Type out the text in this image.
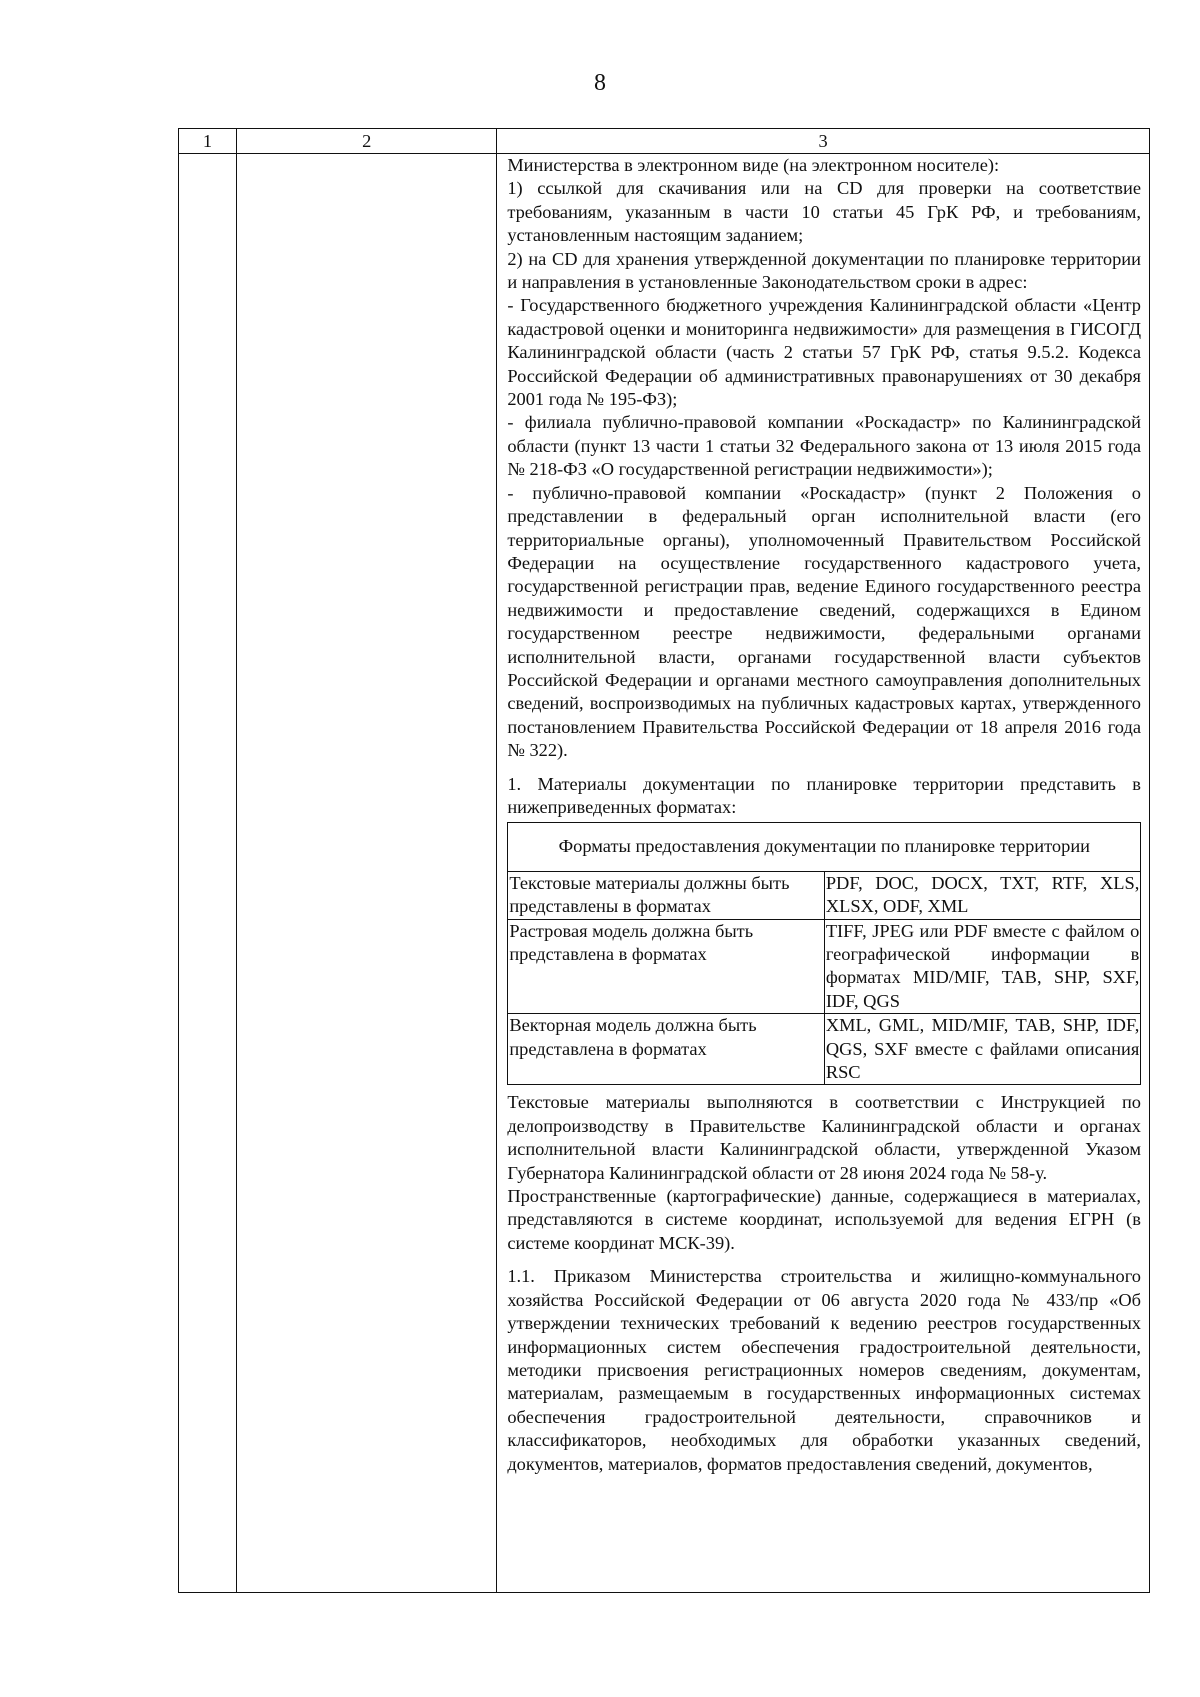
8
1	2	3

Министерства в электронном виде (на электронном носителе):

1) ссылкой для скачивания или на CD для проверки на соответствие требованиям, указанным в части 10 статьи 45 ГрК РФ, и требованиям, установленным настоящим заданием;

2) на CD для хранения утвержденной документации по планировке территории и направления в установленные Законодательством сроки в адрес:

- Государственного бюджетного учреждения Калининградской области «Центр кадастровой оценки и мониторинга недвижимости» для размещения в ГИСОГД Калининградской области (часть 2 статьи 57 ГрК РФ, статья 9.5.2. Кодекса Российской Федерации об административных правонарушениях от 30 декабря 2001 года № 195-ФЗ);

- филиала публично-правовой компании «Роскадастр» по Калининградской области (пункт 13 части 1 статьи 32 Федерального закона от 13 июля 2015 года № 218-ФЗ «О государственной регистрации недвижимости»);

- публично-правовой компании «Роскадастр» (пункт 2 Положения о представлении в федеральный орган исполнительной власти (его территориальные органы), уполномоченный Правительством Российской Федерации на осуществление государственного кадастрового учета, государственной регистрации прав, ведение Единого государственного реестра недвижимости и предоставление сведений, содержащихся в Едином государственном реестре недвижимости, федеральными органами исполнительной власти, органами государственной власти субъектов Российской Федерации и органами местного самоуправления дополнительных сведений, воспроизводимых на публичных кадастровых картах, утвержденного постановлением Правительства Российской Федерации от 18 апреля 2016 года № 322).

1. Материалы документации по планировке территории представить в нижеприведенных форматах:

Форматы предоставления документации по планировке территории
Текстовые материалы должны быть представлены в форматах	PDF, DOC, DOCX, TXT, RTF, XLS, XLSX, ODF, XML
Растровая модель должна быть представлена в форматах	TIFF, JPEG или PDF вместе с файлом о географической информации в форматах MID/MIF, TAB, SHP, SXF, IDF, QGS
Векторная модель должна быть представлена в форматах	XML, GML, MID/MIF, TAB, SHP, IDF, QGS, SXF вместе с файлами описания RSC

Текстовые материалы выполняются в соответствии с Инструкцией по делопроизводству в Правительстве Калининградской области и органах исполнительной власти Калининградской области, утвержденной Указом Губернатора Калининградской области от 28 июня 2024 года № 58-у.

Пространственные (картографические) данные, содержащиеся в материалах, представляются в системе координат, используемой для ведения ЕГРН (в системе координат МСК-39).

1.1. Приказом Министерства строительства и жилищно-коммунального хозяйства Российской Федерации от 06 августа 2020 года № 433/пр «Об утверждении технических требований к ведению реестров государственных информационных систем обеспечения градостроительной деятельности, методики присвоения регистрационных номеров сведениям, документам, материалам, размещаемым в государственных информационных системах обеспечения градостроительной деятельности, справочников и классификаторов, необходимых для обработки указанных сведений, документов, материалов, форматов предоставления сведений, документов,
